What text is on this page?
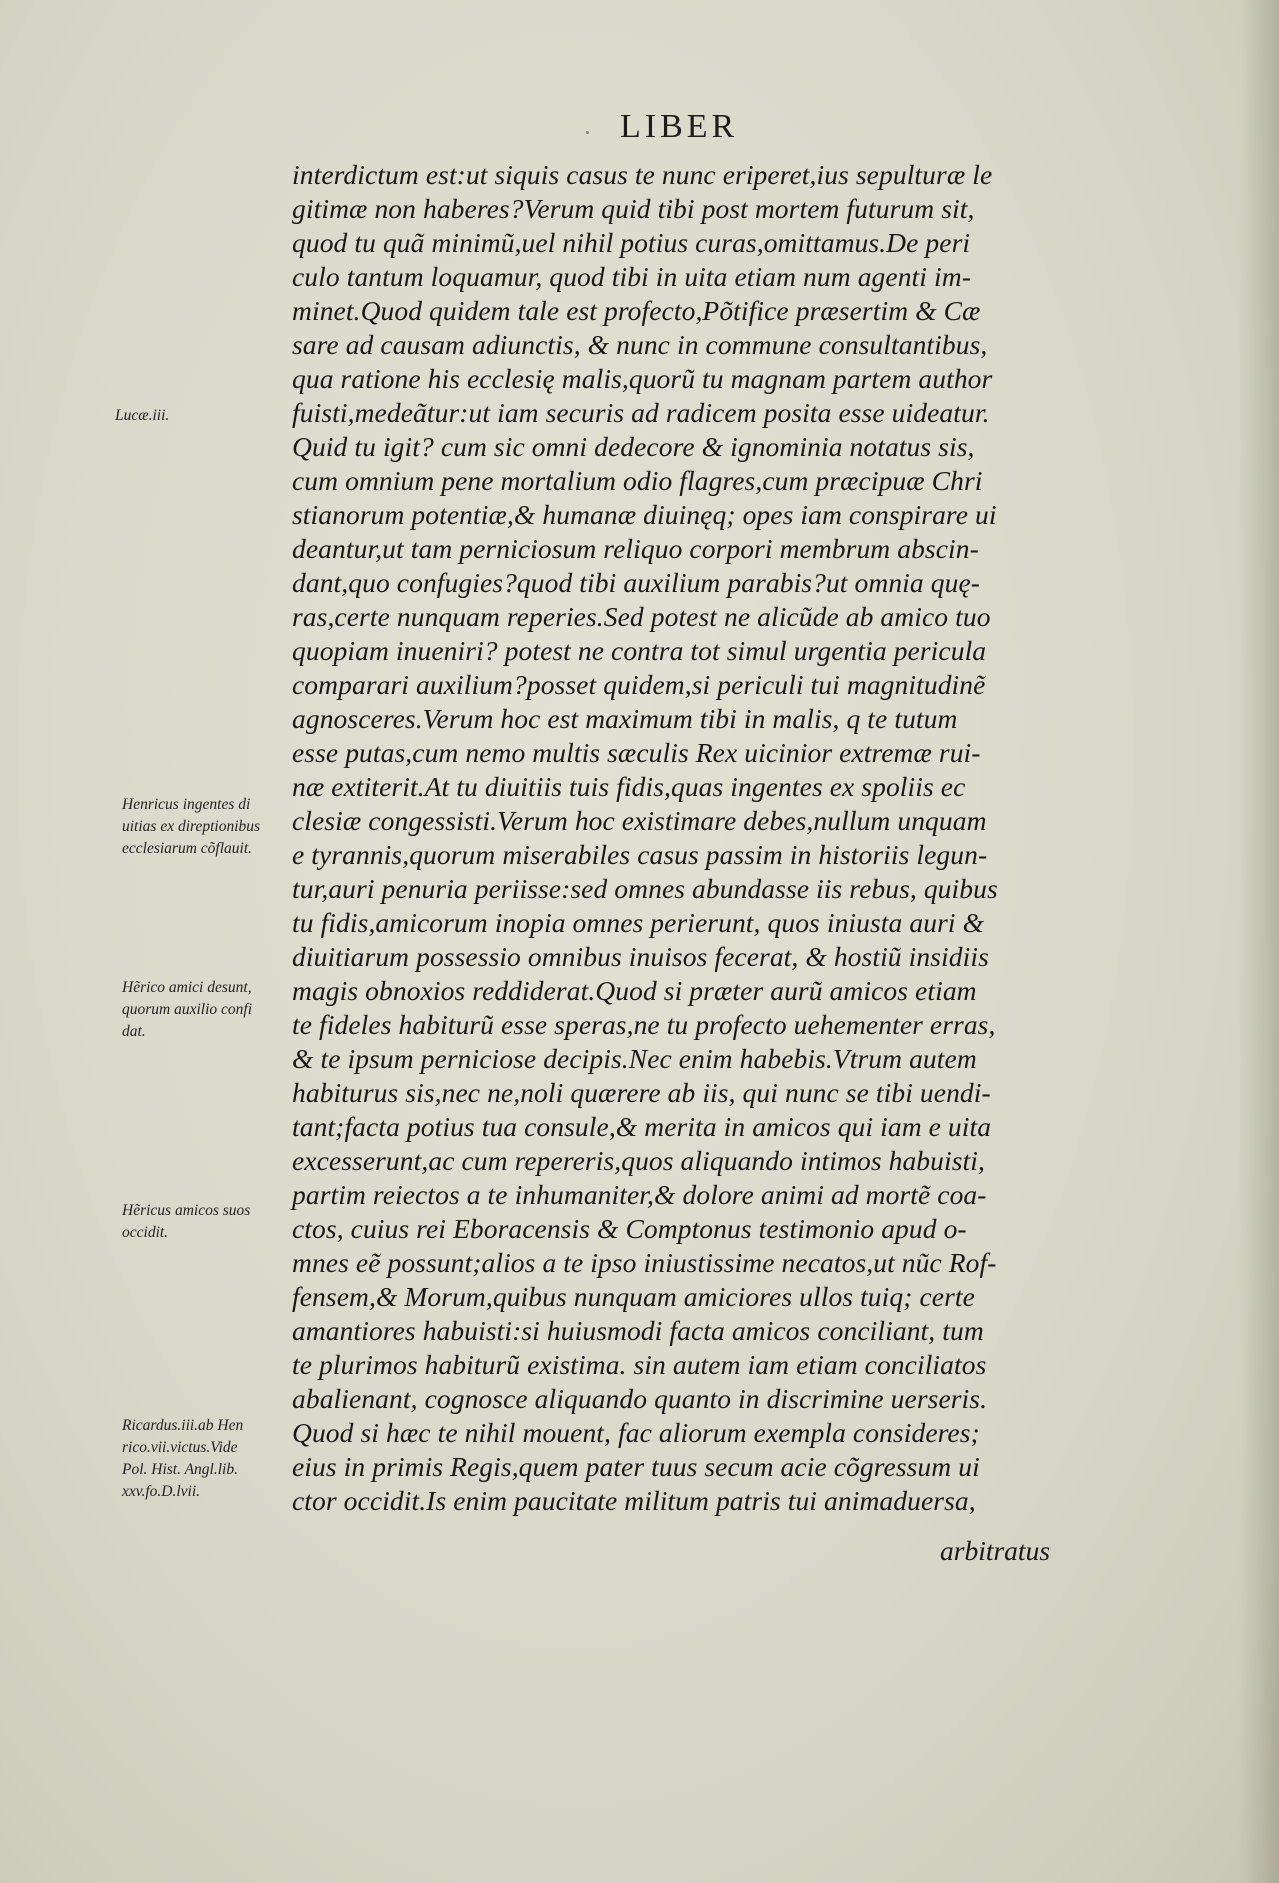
· LIBER
interdictum est:ut siquis casus te nunc eriperet,ius sepulturæ le
gitimæ non haberes?Verum quid tibi post mortem futurum sit,
quod tu quã minimũ,uel nihil potius curas,omittamus.De peri
culo tantum loquamur, quod tibi in uita etiam num agenti im-
minet.Quod quidem tale est profecto,Põtifice præsertim & Cæ
sare ad causam adiunctis, & nunc in commune consultantibus,
qua ratione his ecclesię malis,quorũ tu magnam partem author
fuisti,medeãtur:ut iam securis ad radicem posita esse uideatur.
Quid tu igit? cum sic omni dedecore & ignominia notatus sis,
cum omnium pene mortalium odio flagres,cum præcipuæ Chri
stianorum potentiæ,& humanæ diuinęq; opes iam conspirare ui
deantur,ut tam perniciosum reliquo corpori membrum abscin-
dant,quo confugies?quod tibi auxilium parabis?ut omnia quę-
ras,certe nunquam reperies.Sed potest ne alicũde ab amico tuo
quopiam inueniri? potest ne contra tot simul urgentia pericula
comparari auxilium?posset quidem,si periculi tui magnitudinẽ
agnosceres.Verum hoc est maximum tibi in malis, q te tutum
esse putas,cum nemo multis sæculis Rex uicinior extremæ rui-
næ extiterit.At tu diuitiis tuis fidis,quas ingentes ex spoliis ec
clesiæ congessisti.Verum hoc existimare debes,nullum unquam
e tyrannis,quorum miserabiles casus passim in historiis legun-
tur,auri penuria periisse:sed omnes abundasse iis rebus, quibus
tu fidis,amicorum inopia omnes perierunt, quos iniusta auri &
diuitiarum possessio omnibus inuisos fecerat, & hostiũ insidiis
magis obnoxios reddiderat.Quod si præter aurũ amicos etiam
te fideles habiturũ esse speras,ne tu profecto uehementer erras,
& te ipsum perniciose decipis.Nec enim habebis.Vtrum autem
habiturus sis,nec ne,noli quærere ab iis, qui nunc se tibi uendi-
tant;facta potius tua consule,& merita in amicos qui iam e uita
excesserunt,ac cum repereris,quos aliquando intimos habuisti,
partim reiectos a te inhumaniter,& dolore animi ad mortẽ coa-
ctos, cuius rei Eboracensis & Comptonus testimonio apud o-
mnes eẽ possunt;alios a te ipso iniustissime necatos,ut nũc Rof-
fensem,& Morum,quibus nunquam amiciores ullos tuiq; certe
amantiores habuisti:si huiusmodi facta amicos conciliant, tum
te plurimos habiturũ existima. sin autem iam etiam conciliatos
abalienant, cognosce aliquando quanto in discrimine uerseris.
Quod si hæc te nihil mouent, fac aliorum exempla consideres;
eius in primis Regis,quem pater tuus secum acie cõgressum ui
ctor occidit.Is enim paucitate militum patris tui animaduersa,
arbitratus
Lucæ.iii.
Henricus ingentes di
uitias ex direptionibus
ecclesiarum cõflauit.
Hẽrico amici desunt,
quorum auxilio confi
dat.
Hẽricus amicos suos
occidit.
Ricardus.iii.ab Hen
rico.vii.victus.Vide
Pol. Hist. Angl.lib.
xxv.fo.D.lvii.
